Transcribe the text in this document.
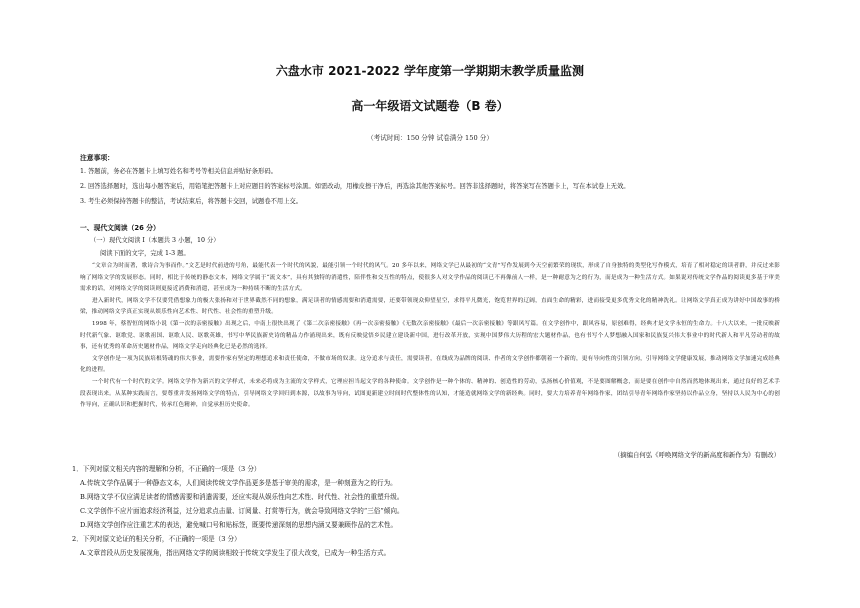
六盘水市 2021-2022 学年度第一学期期末教学质量监测
高一年级语文试题卷（B 卷）
（考试时间：150 分钟 试卷满分 150 分）
注意事项：
1. 答题前，务必在答题卡上填写姓名和考号等相关信息并贴好条形码。
2. 回答选择题时，选出每小题答案后，用铅笔把答题卡上对应题目的答案标号涂黑。如需改动，用橡皮擦干净后，再选涂其他答案标号。回答非选择题时，将答案写在答题卡上，写在本试卷上无效。
3. 考生必须保持答题卡的整洁，考试结束后，将答题卡交回，试题卷不用上交。
一、现代文阅读（26 分）
（一）现代文阅读 I（本题共 3 小题，10 分）
阅读下面的文字，完成 1-3 题。

“文章合为时而著，歌诗合为事而作。”文艺是时代前进的号角，最能代表一个时代的风貌，最能引领一个时代的风气。20 多年以来，网络文学已从最初的“文青”写作发展到今天空前繁荣的现状，形成了自身独特的类型化写作模式，培育了相对稳定的读者群，并反过来影响了网络文学的发展形态。同时，相比于传统的静态文本，网络文学属于“流文本”，具有其独特的消遣性，陪伴性和交互性的特点，使很多人对文学作品的阅读已不再像前人一样，是一种耐意为之的行为，而是成为一种生活方式。如果说对传统文学作品的阅读更多基于审美需求的话，对网络文学的阅读则更接近消费和消遣，甚至成为一种持续不断的生活方式。

进入新时代，网络文学不仅要凭借想象力的极大张扬和对于世界截然不同的想象，满足读者的情感需要和消遣需要，还要带领现众仰望星空，求得平凡微光，饱览世界的辽阔，直面生命的精彩，进而接受更多优秀文化的精神洗礼。让网络文学真正成为讲好中国故事的桥梁，推动网络文学真正实现从娱乐性向艺术性、时代性、社会性的重塑升级。

1998 年，蔡智恒的网络小说《第一次的亲密接触》出现之后，中南上很快出现了《第二次亲密接触》《再一次亲密接触》《无数次亲密接触》《最后一次亲密接触》等跟风写篇。在文学创作中，跟风容易，原创难得，经典才是文学永恒的生命力。十八大以来，一批反映新时代新气象、讴歌党、讴歌祖国、讴歌人民、讴歌英雄，书写中华民族新史诗的精品力作涌现出来，既有反映觉悟乡民建立建设新中国，进行改革开放，实现中国梦伟大历程的宏大题材作品，也有书写个人梦想融入国家和民族复兴伟大事业中的时代新人和平凡劳动者的故事，还有优秀的革命历史题材作品，网络文学走向经典化已是必然的选择。

文学创作是一项为民族培根铸魂的伟大事业，需要作家有坚定的理想追求和责任使命，不做市场的奴隶。这分追求与责任，需要读者，在线成为品牌的阅读、作者的文学创作都朝着一个新的，更有导向性的引领方向，引导网络文学健康发展，推动网络文学加速完成经典化的进程。

一个时代有一个时代的文学。网络文学作为新兴的文学样式，未来必将成为主流的文学样式，它理应担当起文学的各种使命。文学创作是一种个体的、精神的、创造性的劳动，弘扬核心价值观，不是要图解概念，而是要在创作中自然而然地体现出来，通过良好的艺术手段表现出来。从某种实践而言，要尊重并发扬网络文学的特点，引导网络文学回归到本源，以故事为导向，试图更新建立时间时代整体性的认知，才能造就网络文学的新经典。同时，要大力培养青年网络作家，团结引导青年网络作家坚持以作品立身，坚持以人民为中心的创作导向，正确认识和把握时代，传承红色精神，自觉承担历史使命。

（摘编自何弘《呼唤网络文学的新高度和新作为》有删改）
1．下列对原文相关内容的理解和分析，不正确的一项是（3 分）
A.传统文学作品属于一种静态文本，人们阅读传统文学作品更多是基于审美的需求，是一种刻意为之的行为。
B.网络文学不仅应满足读者的情感需要和消遣需要，还应实现从娱乐性向艺术性、时代性、社会性的重塑升级。
C.文学创作不应片面追求经济利益，过分追求点击量、订阅量、打赏等行为，就会导致网络文学的“三俗”倾向。
D.网络文学创作应注重艺术的表达，避免喊口号和贴标签，既要传递深刻的思想内涵又要兼顾作品的艺术性。
2．下列对原文论证的相关分析，不正确的一项是（3 分）
A.文章首段从历史发展视角，指出网络文学的阅读相较于传统文学发生了很大改变，已成为一种生活方式。
